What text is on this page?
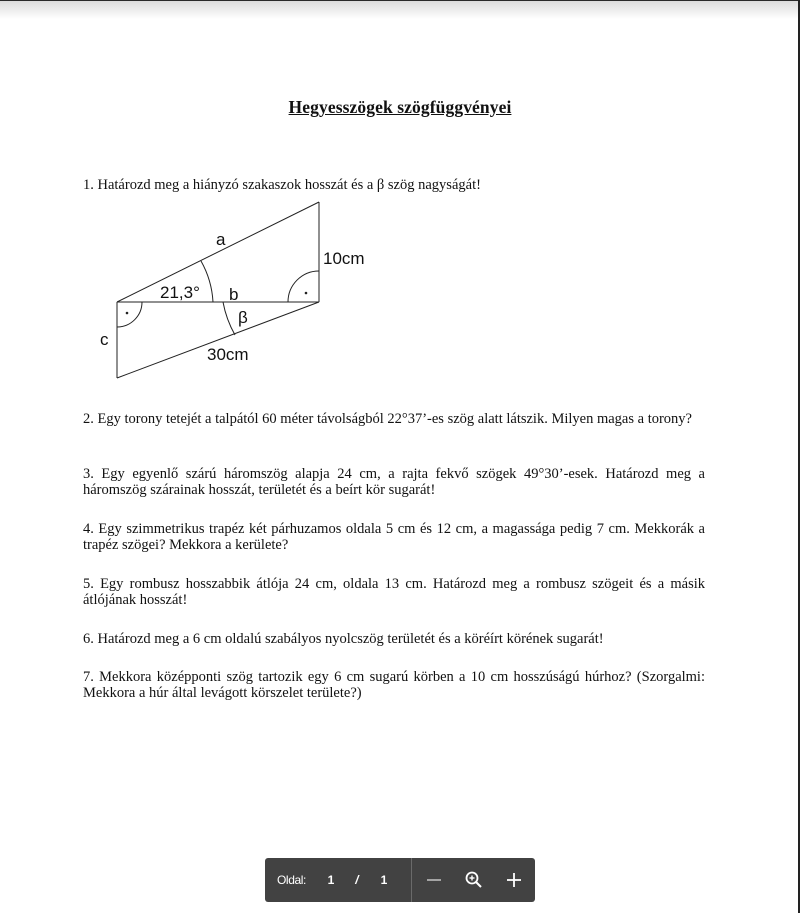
Hegyesszögek szögfüggvényei
1. Határozd meg a hiányzó szakaszok hosszát és a β szög nagyságát!
a
10cm
21,3° b
β
c
30cm
2. Egy torony tetejét a talpától 60 méter távolságból 22°37’-es szög alatt látszik. Milyen magas a torony?
3. Egy egyenlő szárú háromszög alapja 24 cm, a rajta fekvő szögek 49°30’-esek. Határozd meg a háromszög szárainak hosszát, területét és a beírt kör sugarát!
4. Egy szimmetrikus trapéz két párhuzamos oldala 5 cm és 12 cm, a magassága pedig 7 cm. Mekkorák a trapéz szögei? Mekkora a kerülete?
5. Egy rombusz hosszabbik átlója 24 cm, oldala 13 cm. Határozd meg a rombusz szögeit és a másik átlójának hosszát!
6. Határozd meg a 6 cm oldalú szabályos nyolcszög területét és a köréírt körének sugarát!
7. Mekkora középponti szög tartozik egy 6 cm sugarú körben a 10 cm hosszúságú húrhoz? (Szorgalmi: Mekkora a húr által levágott körszelet területe?)
Oldal: 1 / 1
